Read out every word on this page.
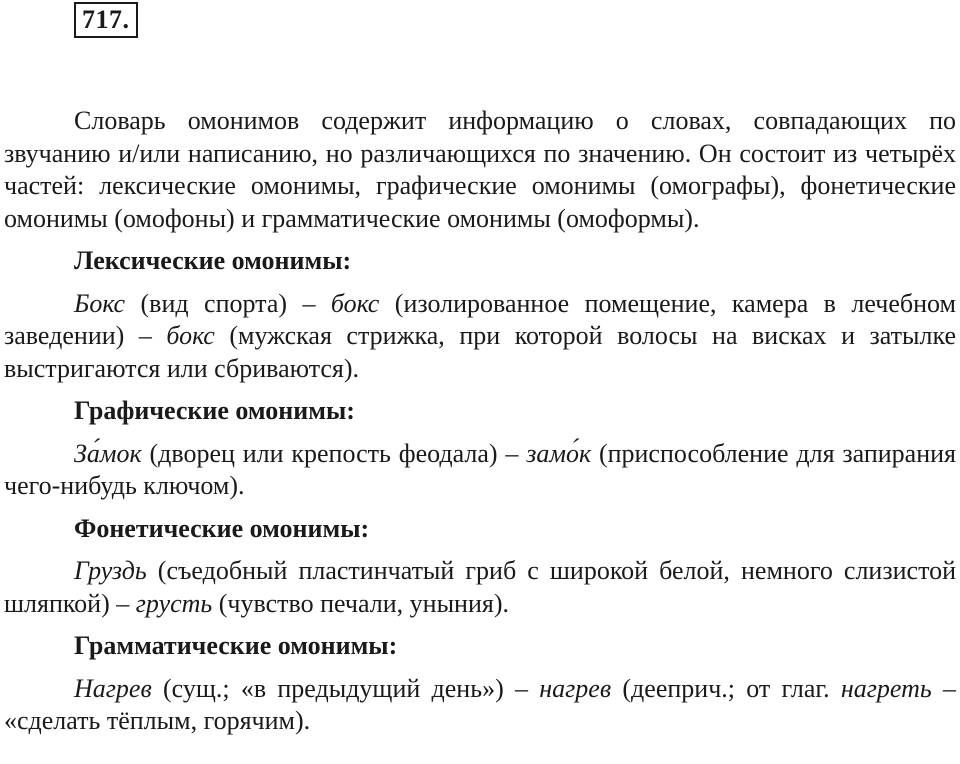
717.

Словарь омонимов содержит информацию о словах, совпадающих по звучанию и/или написанию, но различающихся по значению. Он состоит из четырёх частей: лексические омонимы, графические омонимы (омографы), фонетические омонимы (омофоны) и грамматические омонимы (омоформы).

Лексические омонимы:

Бокс (вид спорта) – бокс (изолированное помещение, камера в лечебном заведении) – бокс (мужская стрижка, при которой волосы на висках и затылке выстригаются или сбриваются).

Графические омонимы:

За́мок (дворец или крепость феодала) – замо́к (приспособление для запирания чего-нибудь ключом).

Фонетические омонимы:

Груздь (съедобный пластинчатый гриб с широкой белой, немного слизистой шляпкой) – грусть (чувство печали, уныния).

Грамматические омонимы:

Нагрев (сущ.; «в предыдущий день») – нагрев (дееприч.; от глаг. нагреть – «сделать тёплым, горячим).
